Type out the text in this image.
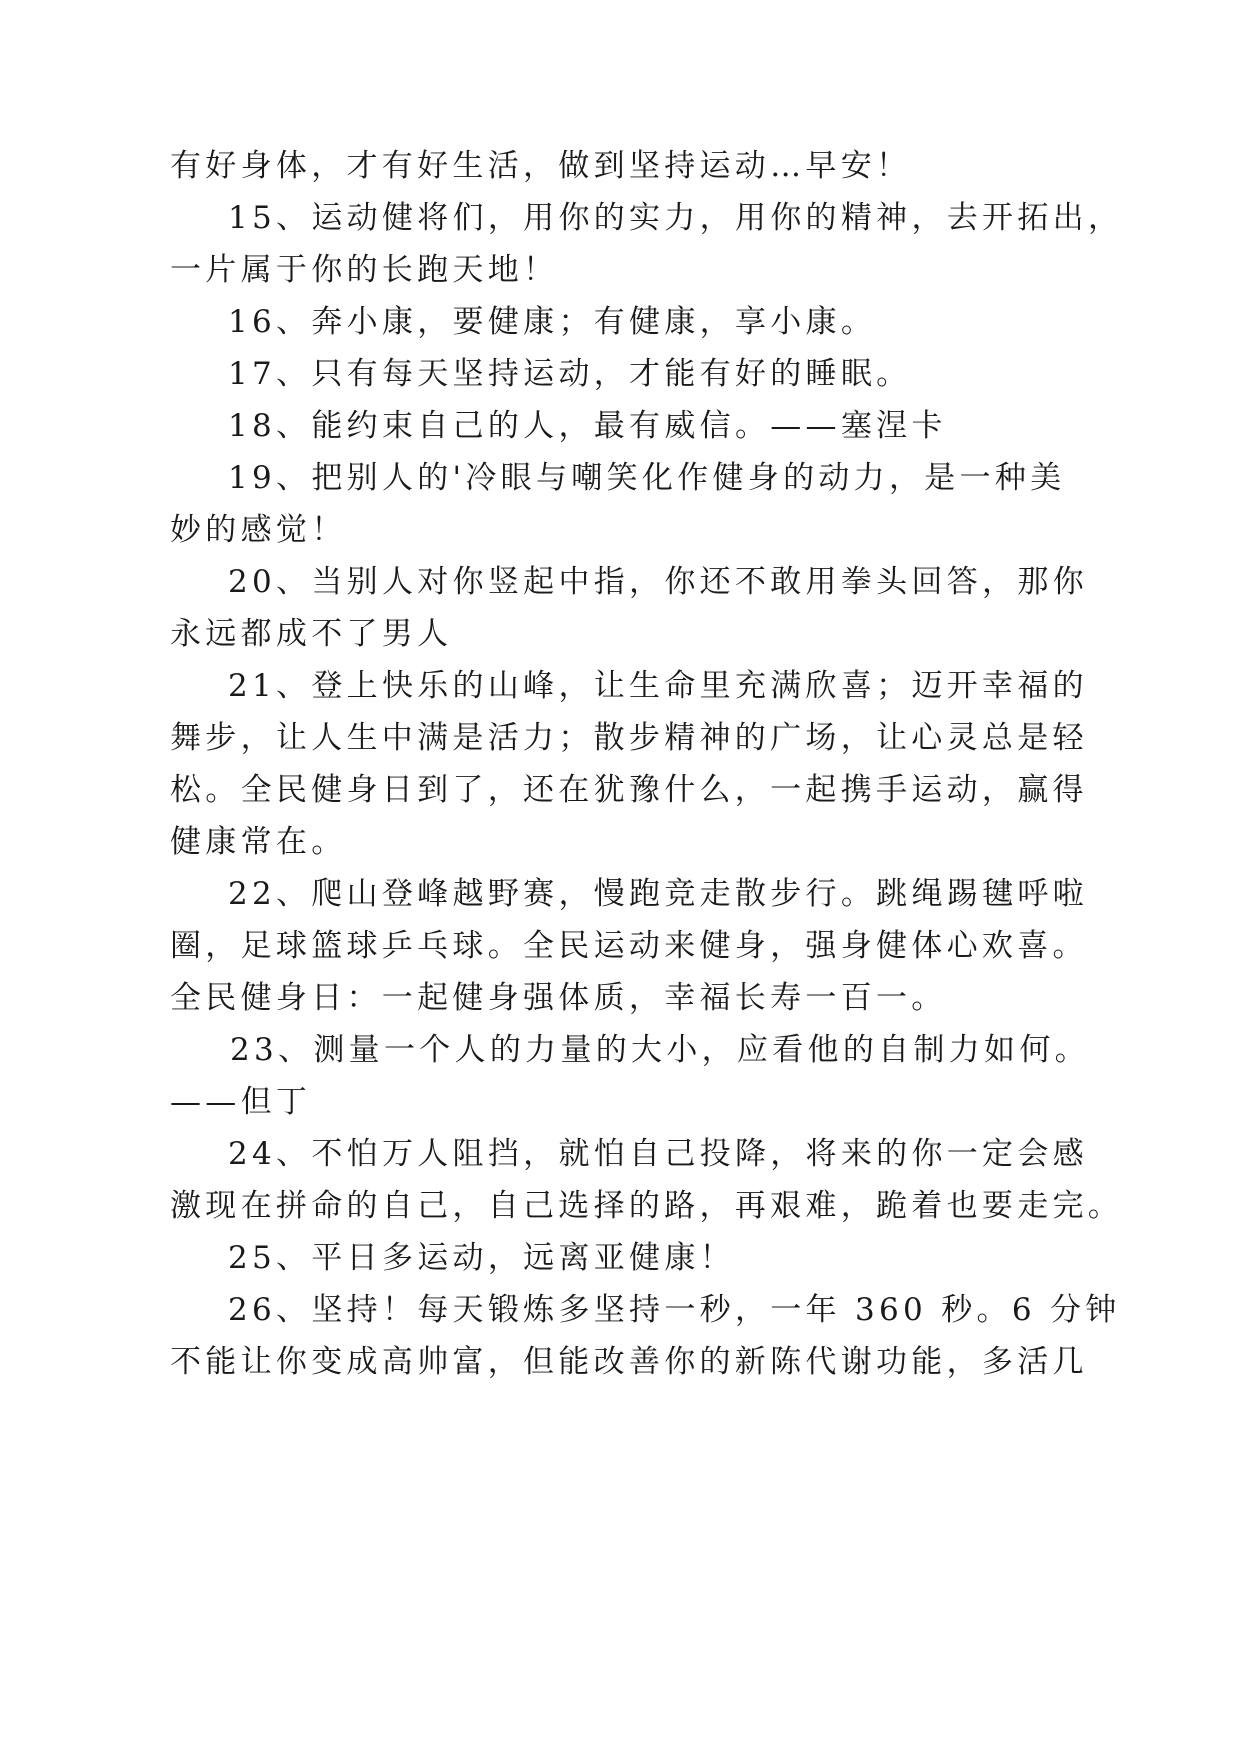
有好身体，才有好生活，做到坚持运动…早安！
15、运动健将们，用你的实力，用你的精神，去开拓出，
一片属于你的长跑天地！
16、奔小康，要健康；有健康，享小康。
17、只有每天坚持运动，才能有好的睡眠。
18、能约束自己的人，最有威信。——塞涅卡
19、把别人的'冷眼与嘲笑化作健身的动力，是一种美
妙的感觉！
20、当别人对你竖起中指，你还不敢用拳头回答，那你
永远都成不了男人
21、登上快乐的山峰，让生命里充满欣喜；迈开幸福的
舞步，让人生中满是活力；散步精神的广场，让心灵总是轻
松。全民健身日到了，还在犹豫什么，一起携手运动，赢得
健康常在。
22、爬山登峰越野赛，慢跑竞走散步行。跳绳踢毽呼啦
圈，足球篮球乒乓球。全民运动来健身，强身健体心欢喜。
全民健身日：一起健身强体质，幸福长寿一百一。
23、测量一个人的力量的大小，应看他的自制力如何。
——但丁
24、不怕万人阻挡，就怕自己投降，将来的你一定会感
激现在拼命的自己，自己选择的路，再艰难，跪着也要走完。
25、平日多运动，远离亚健康！
26、坚持！每天锻炼多坚持一秒，一年 360 秒。6 分钟
不能让你变成高帅富，但能改善你的新陈代谢功能，多活几
